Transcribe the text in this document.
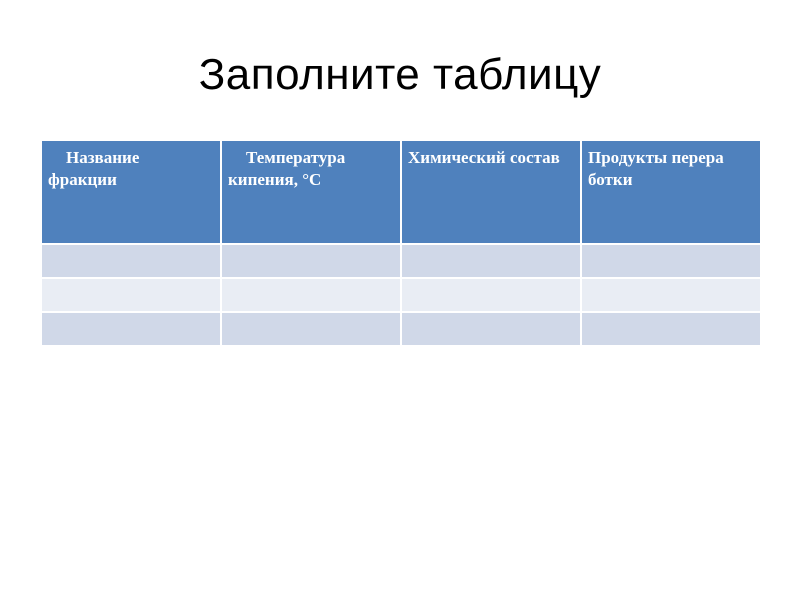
Заполните таблицу
Название фракции	Температура кипения, °С	Химический состав	Продукты перера ботки
